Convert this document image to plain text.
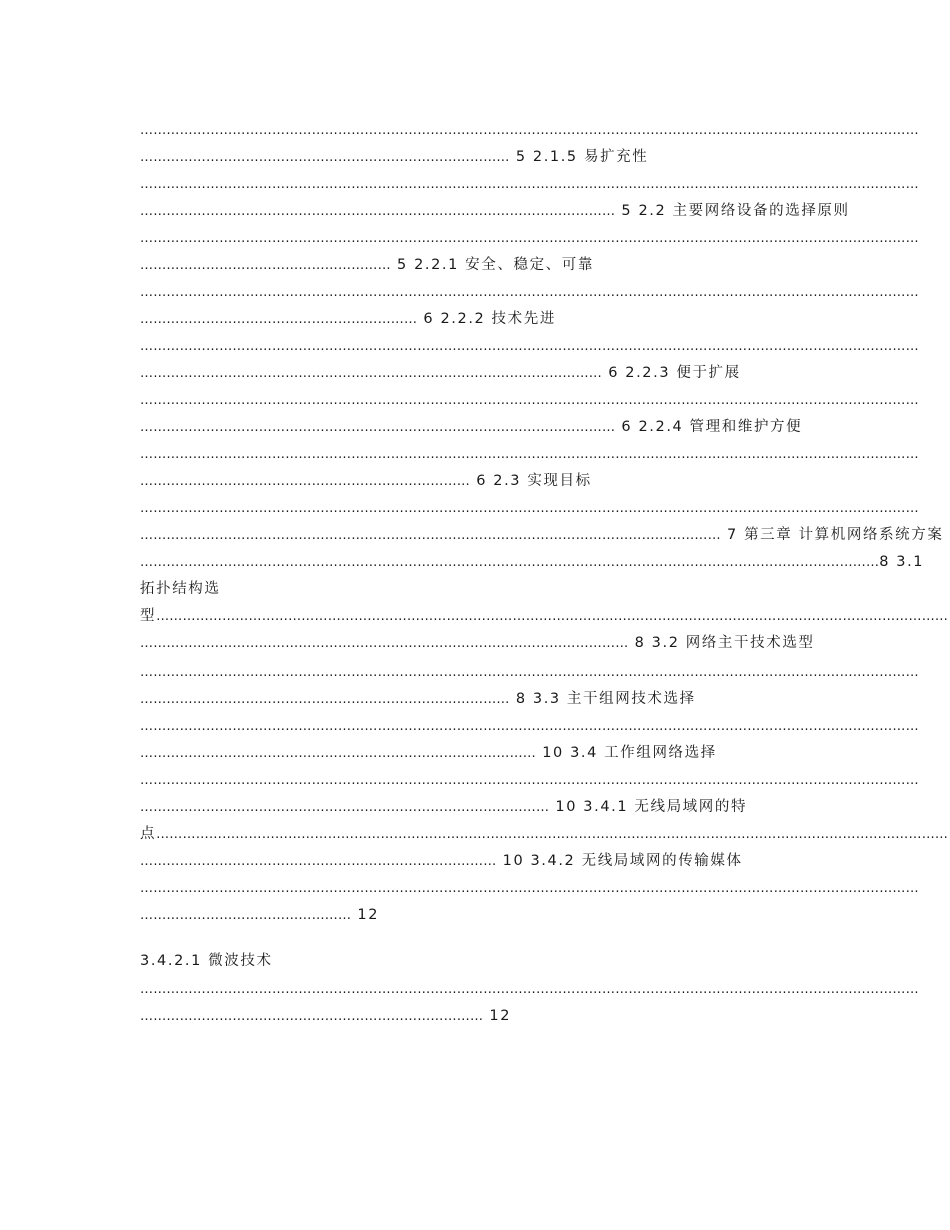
……………………………………………………………………………………………………………………………………………………………
………………………………………………………………………… 5 2.1.5 易扩充性
……………………………………………………………………………………………………………………………………………………………
……………………………………………………………………………………………… 5 2.2 主要网络设备的选择原则
……………………………………………………………………………………………………………………………………………………………
………………………………………………… 5 2.2.1 安全、稳定、可靠
……………………………………………………………………………………………………………………………………………………………
……………………………………………………… 6 2.2.2 技术先进
……………………………………………………………………………………………………………………………………………………………
…………………………………………………………………………………………… 6 2.2.3 便于扩展
……………………………………………………………………………………………………………………………………………………………
……………………………………………………………………………………………… 6 2.2.4 管理和维护方便
……………………………………………………………………………………………………………………………………………………………
………………………………………………………………… 6 2.3 实现目标
……………………………………………………………………………………………………………………………………………………………
…………………………………………………………………………………………………………………… 7 第三章 计算机网络系统方案
……………………………………………………………………………………………………………………………………………………8 3.1
拓扑结构选
型………………………………………………………………………………………………………………………………………………………………
………………………………………………………………………………………………… 8 3.2 网络主干技术选型
……………………………………………………………………………………………………………………………………………………………
………………………………………………………………………… 8 3.3 主干组网技术选择
……………………………………………………………………………………………………………………………………………………………
……………………………………………………………………………… 10 3.4 工作组网络选择
……………………………………………………………………………………………………………………………………………………………
………………………………………………………………………………… 10 3.4.1 无线局域网的特
点………………………………………………………………………………………………………………………………………………………………
……………………………………………………………………… 10 3.4.2 无线局域网的传输媒体
……………………………………………………………………………………………………………………………………………………………
………………………………………… 12
3.4.2.1 微波技术
……………………………………………………………………………………………………………………………………………………………
…………………………………………………………………… 12
